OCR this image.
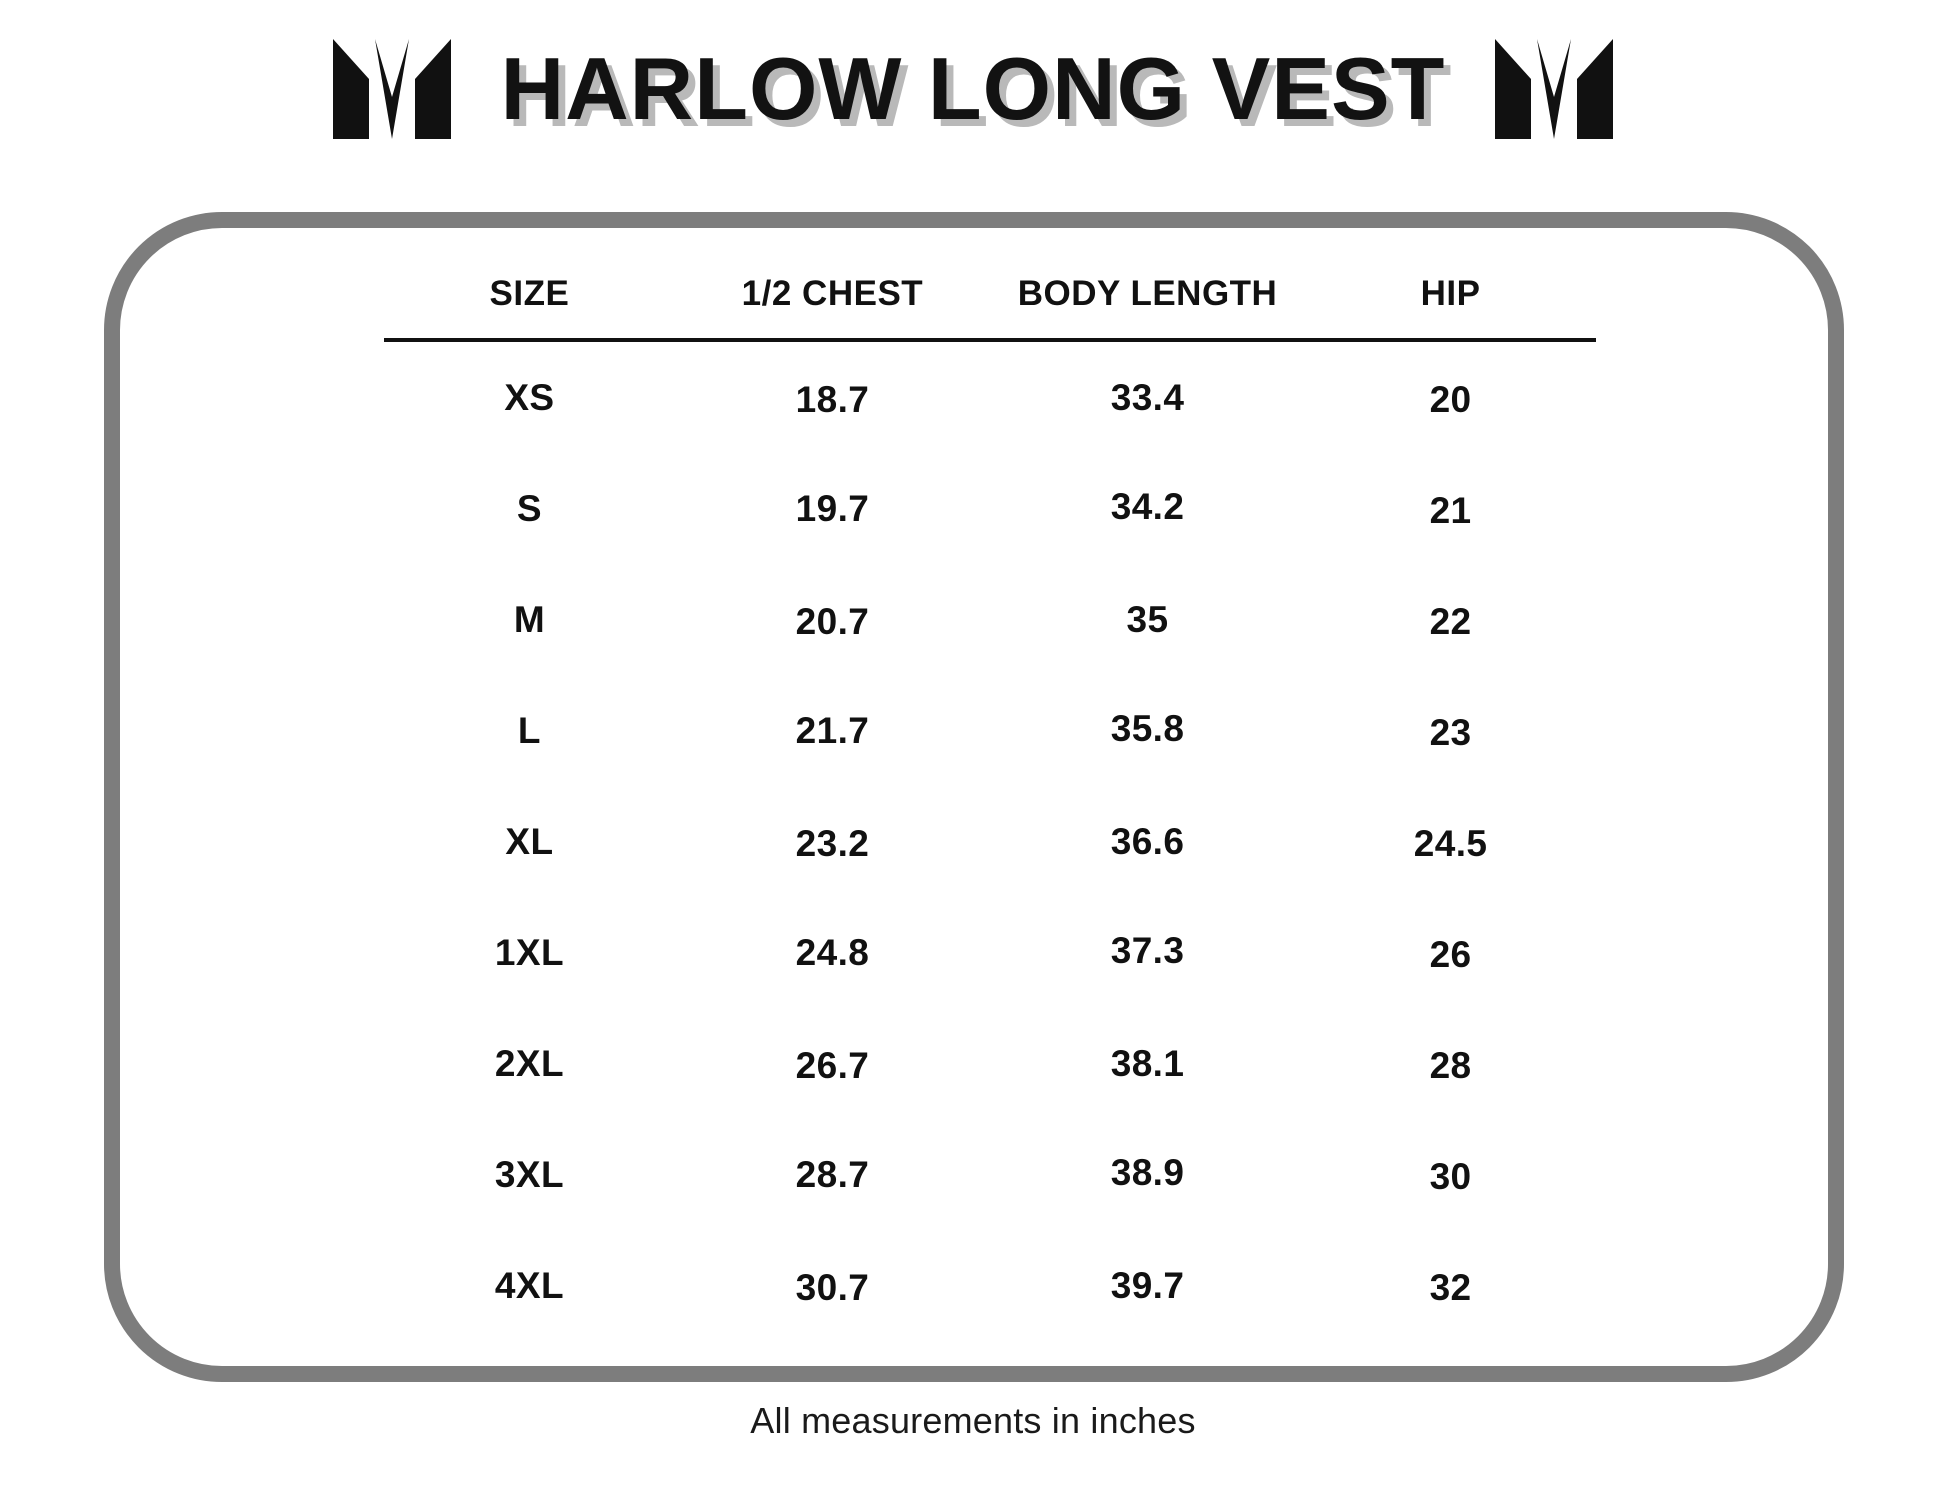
HARLOW LONG VEST
SIZE	1/2 CHEST	BODY LENGTH	HIP
XS	18.7	33.4	20
S	19.7	34.2	21
M	20.7	35	22
L	21.7	35.8	23
XL	23.2	36.6	24.5
1XL	24.8	37.3	26
2XL	26.7	38.1	28
3XL	28.7	38.9	30
4XL	30.7	39.7	32
All measurements in inches
